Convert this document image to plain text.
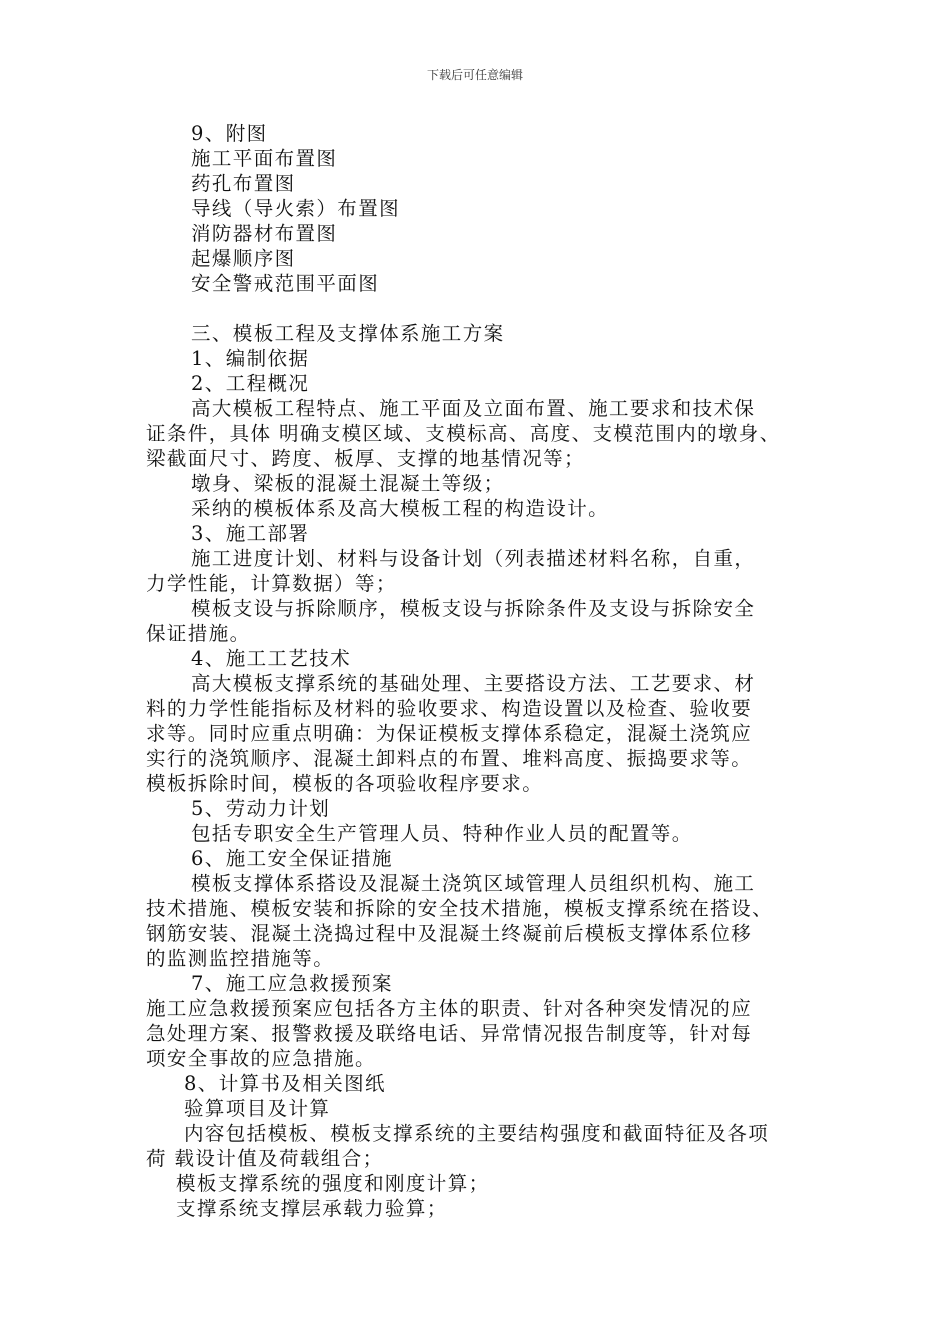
下载后可任意编辑
9、附图
施工平面布置图
药孔布置图
导线（导火索）布置图
消防器材布置图
起爆顺序图
安全警戒范围平面图
三、模板工程及支撑体系施工方案
1、编制依据
2、工程概况
高大模板工程特点、施工平面及立面布置、施工要求和技术保
证条件，具体 明确支模区域、支模标高、高度、支模范围内的墩身、
梁截面尺寸、跨度、板厚、支撑的地基情况等；
墩身、梁板的混凝土混凝土等级；
采纳的模板体系及高大模板工程的构造设计。
3、施工部署
施工进度计划、材料与设备计划（列表描述材料名称，自重，
力学性能，计算数据）等；
模板支设与拆除顺序，模板支设与拆除条件及支设与拆除安全
保证措施。
4、施工工艺技术
高大模板支撑系统的基础处理、主要搭设方法、工艺要求、材
料的力学性能指标及材料的验收要求、构造设置以及检查、验收要
求等。同时应重点明确：为保证模板支撑体系稳定，混凝土浇筑应
实行的浇筑顺序、混凝土卸料点的布置、堆料高度、振捣要求等。
模板拆除时间，模板的各项验收程序要求。
5、劳动力计划
包括专职安全生产管理人员、特种作业人员的配置等。
6、施工安全保证措施
模板支撑体系搭设及混凝土浇筑区域管理人员组织机构、施工
技术措施、模板安装和拆除的安全技术措施，模板支撑系统在搭设、
钢筋安装、混凝土浇捣过程中及混凝土终凝前后模板支撑体系位移
的监测监控措施等。
7、施工应急救援预案
施工应急救援预案应包括各方主体的职责、针对各种突发情况的应
急处理方案、报警救援及联络电话、异常情况报告制度等，针对每
项安全事故的应急措施。
8、计算书及相关图纸
验算项目及计算
内容包括模板、模板支撑系统的主要结构强度和截面特征及各项
荷 载设计值及荷载组合；
模板支撑系统的强度和刚度计算；
支撑系统支撑层承载力验算；
